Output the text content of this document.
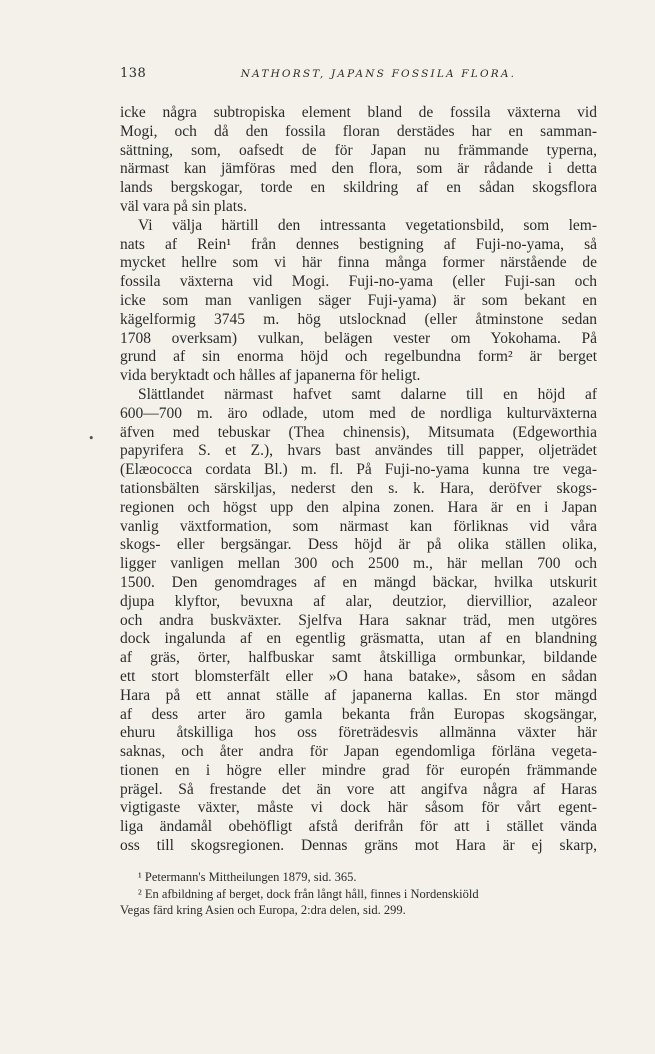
138	NATHORST, JAPANS FOSSILA FLORA.
•
icke några subtropiska element bland de fossila växterna vid
Mogi, och då den fossila floran derstädes har en samman-
sättning, som, oafsedt de för Japan nu främmande typerna,
närmast kan jämföras med den flora, som är rådande i detta
lands bergskogar, torde en skildring af en sådan skogsflora
väl vara på sin plats.
Vi välja härtill den intressanta vegetationsbild, som lem-
nats af Rein¹ från dennes bestigning af Fuji-no-yama, så
mycket hellre som vi här finna många former närstående de
fossila växterna vid Mogi. Fuji-no-yama (eller Fuji-san och
icke som man vanligen säger Fuji-yama) är som bekant en
kägelformig 3745 m. hög utslocknad (eller åtminstone sedan
1708 overksam) vulkan, belägen vester om Yokohama. På
grund af sin enorma höjd och regelbundna form² är berget
vida beryktadt och hålles af japanerna för heligt.
Slättlandet närmast hafvet samt dalarne till en höjd af
600—700 m. äro odlade, utom med de nordliga kulturväxterna
äfven med tebuskar (Thea chinensis), Mitsumata (Edgeworthia
papyrifera S. et Z.), hvars bast användes till papper, oljeträdet
(Elæococca cordata Bl.) m. fl. På Fuji-no-yama kunna tre vega-
tationsbälten särskiljas, nederst den s. k. Hara, deröfver skogs-
regionen och högst upp den alpina zonen. Hara är en i Japan
vanlig växtformation, som närmast kan förliknas vid våra
skogs- eller bergsängar. Dess höjd är på olika ställen olika,
ligger vanligen mellan 300 och 2500 m., här mellan 700 och
1500. Den genomdrages af en mängd bäckar, hvilka utskurit
djupa klyftor, bevuxna af alar, deutzior, diervillior, azaleor
och andra buskväxter. Sjelfva Hara saknar träd, men utgöres
dock ingalunda af en egentlig gräsmatta, utan af en blandning
af gräs, örter, halfbuskar samt åtskilliga ormbunkar, bildande
ett stort blomsterfält eller »O hana batake», såsom en sådan
Hara på ett annat ställe af japanerna kallas. En stor mängd
af dess arter äro gamla bekanta från Europas skogsängar,
ehuru åtskilliga hos oss företrädesvis allmänna växter här
saknas, och åter andra för Japan egendomliga förläna vegeta-
tionen en i högre eller mindre grad för europén främmande
prägel. Så frestande det än vore att angifva några af Haras
vigtigaste växter, måste vi dock här såsom för vårt egent-
liga ändamål obehöfligt afstå derifrån för att i stället vända
oss till skogsregionen. Dennas gräns mot Hara är ej skarp,
¹ Petermann's Mittheilungen 1879, sid. 365.
² En afbildning af berget, dock från långt håll, finnes i Nordenskiöld
Vegas färd kring Asien och Europa, 2:dra delen, sid. 299.
